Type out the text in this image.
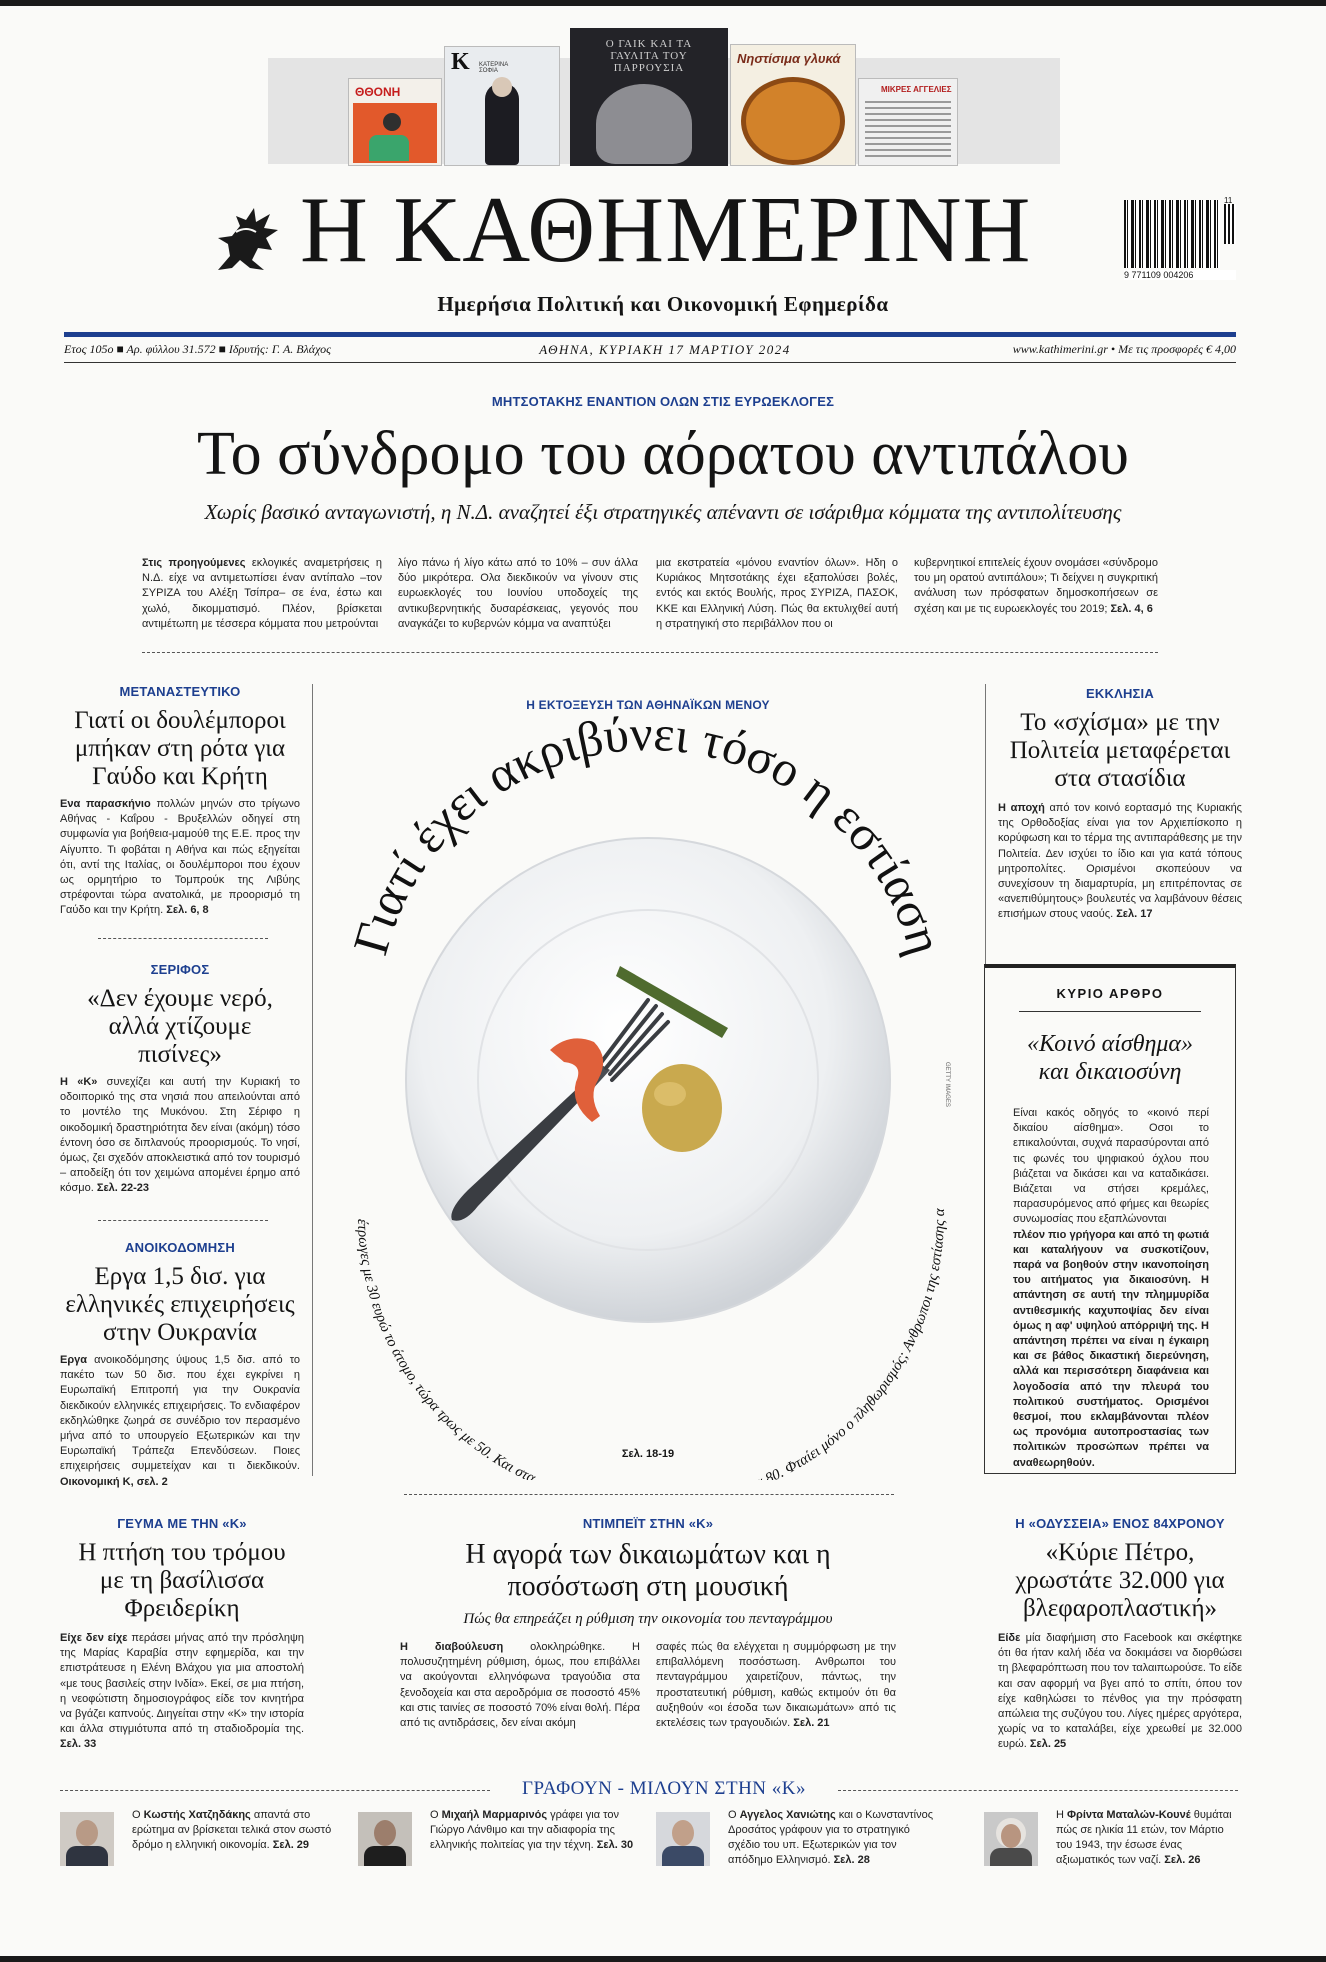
ΘΘΟΝΗ
Κ	ΚΑΤΕΡΙΝΑ ΣΟΦΙΑ
Ο ΓΑΙΚ ΚΑΙ ΤΑ ΓΑΥΛΙΤΑ ΤΟΥ ΠΑΡΡΟΥΣΙΑ
Νηστίσιμα γλυκά
ΜΙΚΡΕΣ ΑΓΓΕΛΙΕΣ
Η ΚΑΘΗΜΕΡΙΝΗ	11
9 771109 004206
Ημερήσια Πολιτική και Οικονομική Εφημερίδα
Ετος 105ο ■ Αρ. φύλλου 31.572 ■ Ιδρυτής: Γ. Α. Βλάχος	ΑΘΗΝΑ, ΚΥΡΙΑΚΗ 17 ΜΑΡΤΙΟΥ 2024	www.kathimerini.gr • Με τις προσφορές € 4,00
ΜΗΤΣΟΤΑΚΗΣ ΕΝΑΝΤΙΟΝ ΟΛΩΝ ΣΤΙΣ ΕΥΡΩΕΚΛΟΓΕΣ
Το σύνδρομο του αόρατου αντιπάλου
Χωρίς βασικό ανταγωνιστή, η Ν.Δ. αναζητεί έξι στρατηγικές απέναντι σε ισάριθμα κόμματα της αντιπολίτευσης
Στις προηγούμενες εκλογικές αναμετρήσεις η Ν.Δ. είχε να αντιμετωπίσει έναν αντίπαλο –τον ΣΥΡΙΖΑ του Αλέξη Τσίπρα– σε ένα, έστω και χωλό, δικομματισμό. Πλέον, βρίσκεται αντιμέτωπη με τέσσερα κόμματα που μετρούνται
λίγο πάνω ή λίγο κάτω από το 10% – συν άλλα δύο μικρότερα. Ολα διεκδικούν να γίνουν στις ευρωεκλογές του Ιουνίου υποδοχείς της αντικυβερνητικής δυσαρέσκειας, γεγονός που αναγκάζει το κυβερνών κόμμα να αναπτύξει
μια εκστρατεία «μόνου εναντίον όλων». Ηδη ο Κυριάκος Μητσοτάκης έχει εξαπολύσει βολές, εντός και εκτός Βουλής, προς ΣΥΡΙΖΑ, ΠΑΣΟΚ, ΚΚΕ και Ελληνική Λύση. Πώς θα εκτυλιχθεί αυτή η στρατηγική στο περιβάλλον που οι
κυβερνητικοί επιτελείς έχουν ονομάσει «σύνδρομο του μη ορατού αντιπάλου»; Τι δείχνει η συγκριτική ανάλυση των πρόσφατων δημοσκοπήσεων σε σχέση και με τις ευρωεκλογές του 2019; Σελ. 4, 6
ΜΕΤΑΝΑΣΤΕΥΤΙΚΟ
Γιατί οι δουλέμποροι μπήκαν στη ρότα για Γαύδο και Κρήτη
Ενα παρασκήνιο πολλών μηνών στο τρίγωνο Αθήνας - Καΐρου - Βρυξελλών οδηγεί στη συμφωνία για βοήθεια-μαμούθ της Ε.Ε. προς την Αίγυπτο. Τι φοβάται η Αθήνα και πώς εξηγείται ότι, αντί της Ιταλίας, οι δουλέμποροι που έχουν ως ορμητήριο το Τομπρούκ της Λιβύης στρέφονται τώρα ανατολικά, με προορισμό τη Γαύδο και την Κρήτη. Σελ. 6, 8
ΣΕΡΙΦΟΣ
«Δεν έχουμε νερό, αλλά χτίζουμε πισίνες»
Η «Κ» συνεχίζει και αυτή την Κυριακή το οδοιπορικό της στα νησιά που απειλούνται από το μοντέλο της Μυκόνου. Στη Σέριφο η οικοδομική δραστηριότητα δεν είναι (ακόμη) τόσο έντονη όσο σε διπλανούς προορισμούς. Το νησί, όμως, ζει σχεδόν αποκλειστικά από τον τουρισμό – αποδείξη ότι τον χειμώνα απομένει έρημο από κόσμο. Σελ. 22-23
ΑΝΟΙΚΟΔΟΜΗΣΗ
Εργα 1,5 δισ. για ελληνικές επιχειρήσεις στην Ουκρανία
Εργα ανοικοδόμησης ύψους 1,5 δισ. από το πακέτο των 50 δισ. που έχει εγκρίνει η Ευρωπαϊκή Επιτροπή για την Ουκρανία διεκδικούν ελληνικές επιχειρήσεις. Το ενδιαφέρον εκδηλώθηκε ζωηρά σε συνέδριο τον περασμένο μήνα από το υπουργείο Εξωτερικών και την Ευρωπαϊκή Τράπεζα Επενδύσεων. Ποιες επιχειρήσεις συμμετείχαν και τι διεκδικούν. Οικονομική Κ, σελ. 2
Γιατί έχει ακριβύνει τόσο η εστίαση
έτρωγες με 30 ευρώ το άτομο, τώρα τρως με 50. Και στα 80. Φταίει μόνο ο πληθωρισμός; Ανθρωποι της εστίασης α
GETTY IMAGES
Η ΕΚΤΟΞΕΥΣΗ ΤΩΝ ΑΘΗΝΑΪΚΩΝ ΜΕΝΟΥ
Σελ. 18-19
ΕΚΚΛΗΣΙΑ
Το «σχίσμα» με την Πολιτεία μεταφέρεται στα στασίδια
Η αποχή από τον κοινό εορτασμό της Κυριακής της Ορθοδοξίας είναι για τον Αρχιεπίσκοπο η κορύφωση και το τέρμα της αντιπαράθεσης με την Πολιτεία. Δεν ισχύει το ίδιο και για κατά τόπους μητροπολίτες. Ορισμένοι σκοπεύουν να συνεχίσουν τη διαμαρτυρία, μη επιτρέποντας σε «ανεπιθύμητους» βουλευτές να λαμβάνουν θέσεις επισήμων στους ναούς. Σελ. 17
ΚΥΡΙΟ ΑΡΘΡΟ
«Κοινό αίσθημα» και δικαιοσύνη
Είναι κακός οδηγός το «κοινό περί δικαίου αίσθημα». Οσοι το επικαλούνται, συχνά παρασύρονται από τις φωνές του ψηφιακού όχλου που βιάζεται να δικάσει και να καταδικάσει. Βιάζεται να στήσει κρεμάλες, παρασυρόμενος από φήμες και θεωρίες συνωμοσίας που εξαπλώνονται
πλέον πιο γρήγορα και από τη φωτιά και καταλήγουν να συσκοτίζουν, παρά να βοηθούν στην ικανοποίηση του αιτήματος για δικαιοσύνη. Η απάντηση σε αυτή την πλημμυρίδα αντιθεσμικής καχυποψίας δεν είναι όμως η αφ' υψηλού απόρριψή της. Η απάντηση πρέπει να είναι η έγκαιρη και σε βάθος δικαστική διερεύνηση, αλλά και περισσότερη διαφάνεια και λογοδοσία από την πλευρά του πολιτικού συστήματος. Ορισμένοι θεσμοί, που εκλαμβάνονται πλέον ως προνόμια αυτοπροστασίας των πολιτικών προσώπων πρέπει να αναθεωρηθούν.
ΓΕΥΜΑ ΜΕ ΤΗΝ «Κ»
Η πτήση του τρόμου με τη βασίλισσα Φρειδερίκη
Είχε δεν είχε περάσει μήνας από την πρόσληψη της Μαρίας Καραβία στην εφημερίδα, και την επιστράτευσε η Ελένη Βλάχου για μια αποστολή «με τους βασιλείς στην Ινδία». Εκεί, σε μια πτήση, η νεοφώτιστη δημοσιογράφος είδε τον κινητήρα να βγάζει καπνούς. Διηγείται στην «Κ» την ιστορία και άλλα στιγμιότυπα από τη σταδιοδρομία της. Σελ. 33
ΝΤΙΜΠΕΪΤ ΣΤΗΝ «Κ»
Η αγορά των δικαιωμάτων και η ποσόστωση στη μουσική
Πώς θα επηρεάζει η ρύθμιση την οικονομία του πενταγράμμου
Η διαβούλευση ολοκληρώθηκε. Η πολυσυζητημένη ρύθμιση, όμως, που επιβάλλει να ακούγονται ελληνόφωνα τραγούδια στα ξενοδοχεία και στα αεροδρόμια σε ποσοστό 45% και στις ταινίες σε ποσοστό 70% είναι θολή. Πέρα από τις αντιδράσεις, δεν είναι ακόμη
σαφές πώς θα ελέγχεται η συμμόρφωση με την επιβαλλόμενη ποσόστωση. Ανθρωποι του πενταγράμμου χαιρετίζουν, πάντως, την προστατευτική ρύθμιση, καθώς εκτιμούν ότι θα αυξηθούν «οι έσοδα των δικαιωμάτων» από τις εκτελέσεις των τραγουδιών. Σελ. 21
Η «ΟΔΥΣΣΕΙΑ» ΕΝΟΣ 84ΧΡΟΝΟΥ
«Κύριε Πέτρο, χρωστάτε 32.000 για βλεφαροπλαστική»
Είδε μία διαφήμιση στο Facebook και σκέφτηκε ότι θα ήταν καλή ιδέα να δοκιμάσει να διορθώσει τη βλεφαρόπτωση που τον ταλαιπωρούσε. Το είδε και σαν αφορμή να βγει από το σπίτι, όπου τον είχε καθηλώσει το πένθος για την πρόσφατη απώλεια της συζύγου του. Λίγες ημέρες αργότερα, χωρίς να το καταλάβει, είχε χρεωθεί με 32.000 ευρώ. Σελ. 25
ΓΡΑΦΟΥΝ - ΜΙΛΟΥΝ ΣΤΗΝ «Κ»
Ο Κωστής Χατζηδάκης απαντά στο ερώτημα αν βρίσκεται τελικά στον σωστό δρόμο η ελληνική οικονομία. Σελ. 29
Ο Μιχαήλ Μαρμαρινός γράφει για τον Γιώργο Λάνθιμο και την αδιαφορία της ελληνικής πολιτείας για την τέχνη. Σελ. 30
Ο Αγγελος Χανιώτης και ο Κωνσταντίνος Δροσάτος γράφουν για το στρατηγικό σχέδιο του υπ. Εξωτερικών για τον απόδημο Ελληνισμό. Σελ. 28
Η Φρίντα Ματαλών-Κουνέ θυμάται πώς σε ηλικία 11 ετών, τον Μάρτιο του 1943, την έσωσε ένας αξιωματικός των ναζί. Σελ. 26
